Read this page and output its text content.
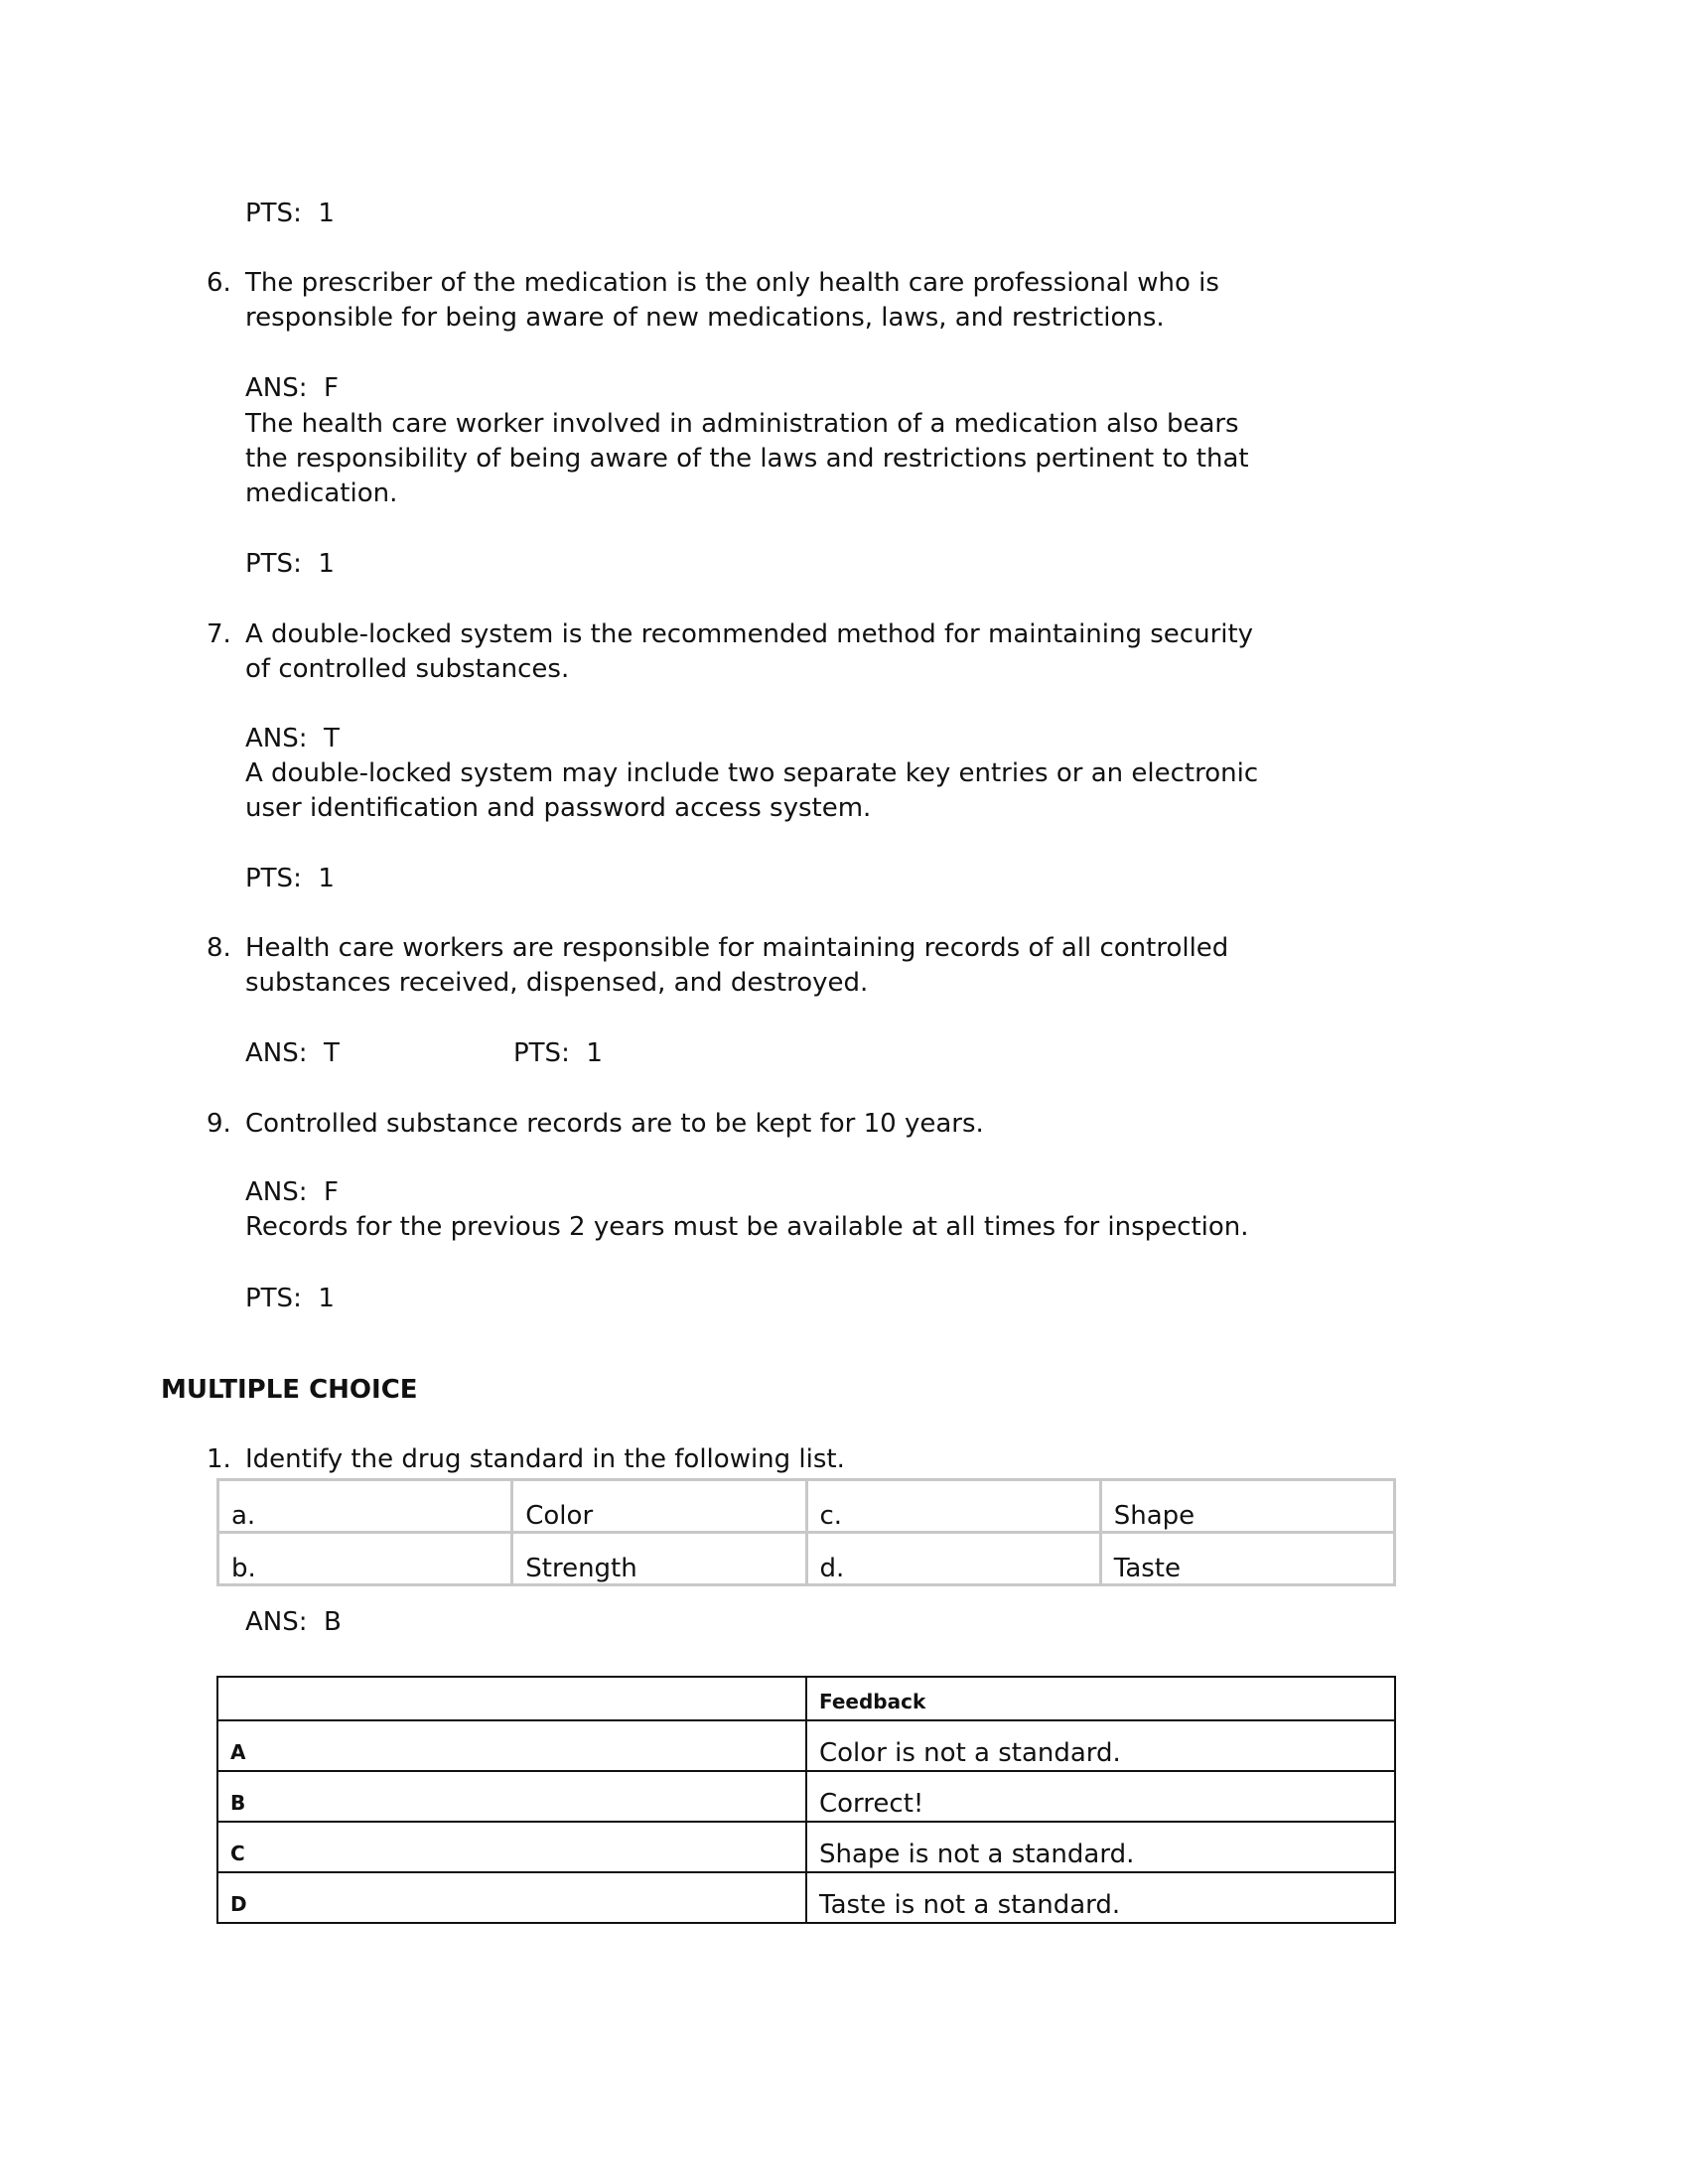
PTS: 1
6. The prescriber of the medication is the only health care professional who is
responsible for being aware of new medications, laws, and restrictions.
ANS: F
The health care worker involved in administration of a medication also bears
the responsibility of being aware of the laws and restrictions pertinent to that
medication.
PTS: 1
7. A double-locked system is the recommended method for maintaining security
of controlled substances.
ANS: T
A double-locked system may include two separate key entries or an electronic
user identification and password access system.
PTS: 1
8. Health care workers are responsible for maintaining records of all controlled
substances received, dispensed, and destroyed.
ANS: T	PTS: 1
9. Controlled substance records are to be kept for 10 years.
ANS: F
Records for the previous 2 years must be available at all times for inspection.
PTS: 1
MULTIPLE CHOICE
1. Identify the drug standard in the following list.
a.	Color	c.	Shape
b.	Strength	d.	Taste
ANS: B
	Feedback
A	Color is not a standard.
B	Correct!
C	Shape is not a standard.
D	Taste is not a standard.
